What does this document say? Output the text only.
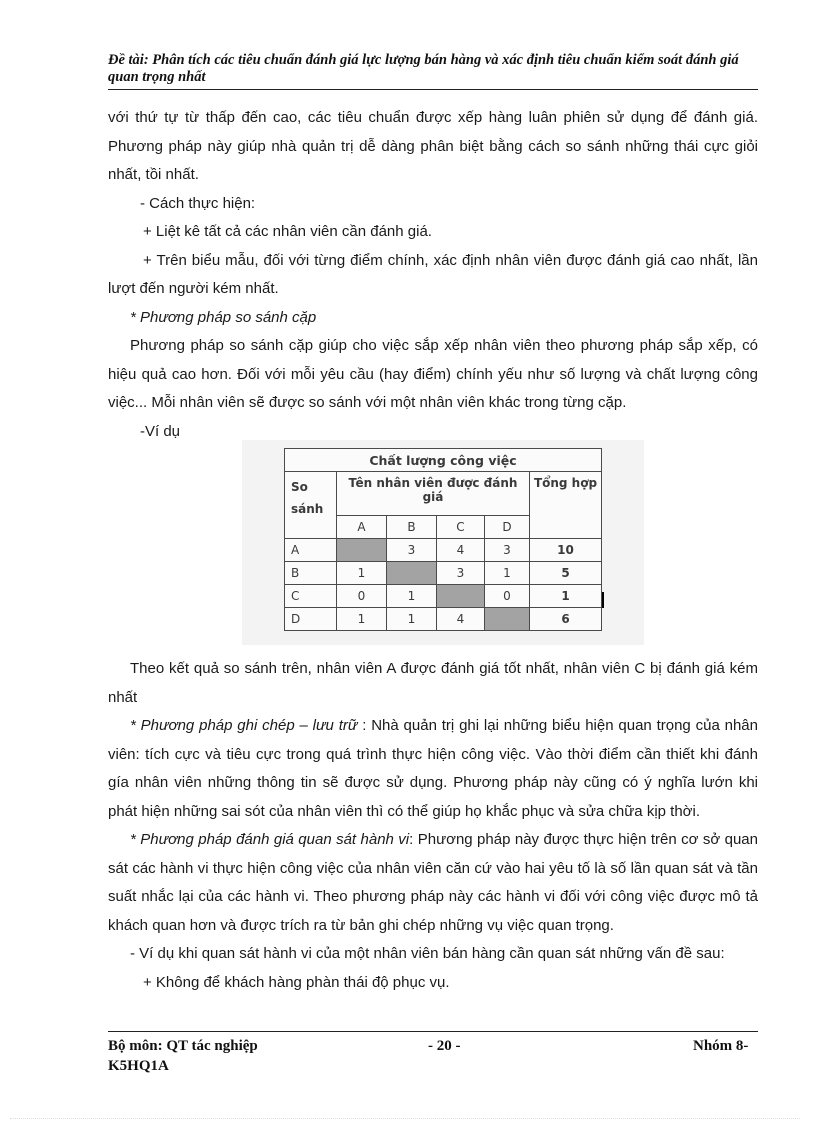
Đề tài: Phân tích các tiêu chuẩn đánh giá lực lượng bán hàng và xác định tiêu chuẩn kiểm soát đánh giá quan trọng nhất

với thứ tự từ thấp đến cao, các tiêu chuẩn được xếp hàng luân phiên sử dụng để đánh giá. Phương pháp này giúp nhà quản trị dễ dàng phân biệt bằng cách so sánh những thái cực giỏi nhất, tồi nhất.

- Cách thực hiện:

+ Liệt kê tất cả các nhân viên cần đánh giá.

+ Trên biểu mẫu, đối với từng điểm chính, xác định nhân viên được đánh giá cao nhất, lần lượt đến người kém nhất.

* Phương pháp so sánh cặp

Phương pháp so sánh cặp giúp cho việc sắp xếp nhân viên theo phương pháp sắp xếp, có hiệu quả cao hơn. Đối với mỗi yêu cầu (hay điểm) chính yếu như số lượng và chất lượng công việc... Mỗi nhân viên sẽ được so sánh với một nhân viên khác trong từng cặp.

-Ví dụ

Chất lượng công việc					
So sánh	Tên nhân viên được đánh giá				Tổng hợp
	A	B	C	D	
A		3	4	3	10
B	1		3	1	5
C	0	1		0	1
D	1	1	4		6

Theo kết quả so sánh trên, nhân viên A được đánh giá tốt nhất, nhân viên C bị đánh giá kém nhất

* Phương pháp ghi chép – lưu trữ : Nhà quản trị ghi lại những biểu hiện quan trọng của nhân viên: tích cực và tiêu cực trong quá trình thực hiện công việc. Vào thời điểm cần thiết khi đánh gía nhân viên những thông tin sẽ được sử dụng. Phương pháp này cũng có ý nghĩa lướn khi phát hiện những sai sót của nhân viên thì có thể giúp họ khắc phục và sửa chữa kịp thời.

* Phương pháp đánh giá quan sát hành vi: Phương pháp này được thực hiện trên cơ sở quan sát các hành vi thực hiện công việc của nhân viên căn cứ vào hai yêu tố là số lần quan sát và tần suất nhắc lại của các hành vi. Theo phương pháp này các hành vi đối với công việc được mô tả khách quan hơn và được trích ra từ bản ghi chép những vụ việc quan trọng.

- Ví dụ khi quan sát hành vi của một nhân viên bán hàng cần quan sát những vấn đề sau:

+ Không để khách hàng phàn thái độ phục vụ.

Bộ môn: QT tác nghiệp K5HQ1A
- 20 -	Nhóm 8-
